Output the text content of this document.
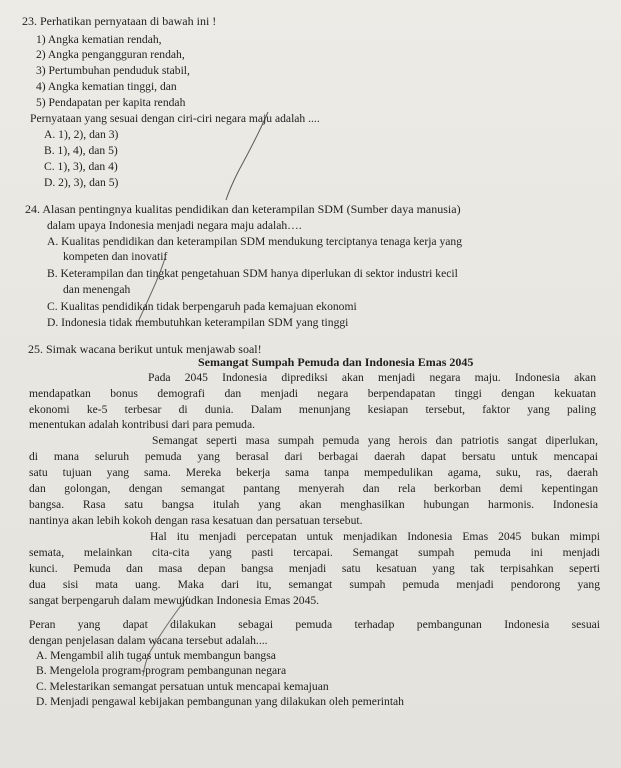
23. Perhatikan pernyataan di bawah ini !
1) Angka kematian rendah,
2) Angka pengangguran rendah,
3) Pertumbuhan penduduk stabil,
4) Angka kematian tinggi, dan
5) Pendapatan per kapita rendah
Pernyataan yang sesuai dengan ciri-ciri negara maju adalah ....
A. 1), 2), dan 3)
B. 1), 4), dan 5)
C. 1), 3), dan 4)
D. 2), 3), dan 5)
24. Alasan pentingnya kualitas pendidikan dan keterampilan SDM (Sumber daya manusia)
dalam upaya Indonesia menjadi negara maju adalah….
A. Kualitas pendidikan dan keterampilan SDM mendukung terciptanya tenaga kerja yang
kompeten dan inovatif
B. Keterampilan dan tingkat pengetahuan SDM hanya diperlukan di sektor industri kecil
dan menengah
C. Kualitas pendidikan tidak berpengaruh pada kemajuan ekonomi
D. Indonesia tidak membutuhkan keterampilan SDM yang tinggi
25. Simak wacana berikut untuk menjawab soal!
Semangat Sumpah Pemuda dan Indonesia Emas 2045
Pada 2045 Indonesia diprediksi akan menjadi negara maju. Indonesia akan
mendapatkan bonus demografi dan menjadi negara berpendapatan tinggi dengan kekuatan
ekonomi ke-5 terbesar di dunia. Dalam menunjang kesiapan tersebut, faktor yang paling
menentukan adalah kontribusi dari para pemuda.
Semangat seperti masa sumpah pemuda yang herois dan patriotis sangat diperlukan,
di mana seluruh pemuda yang berasal dari berbagai daerah dapat bersatu untuk mencapai
satu tujuan yang sama. Mereka bekerja sama tanpa mempedulikan agama, suku, ras, daerah
dan golongan, dengan semangat pantang menyerah dan rela berkorban demi kepentingan
bangsa. Rasa satu bangsa itulah yang akan menghasilkan hubungan harmonis. Indonesia
nantinya akan lebih kokoh dengan rasa kesatuan dan persatuan tersebut.
Hal itu menjadi percepatan untuk menjadikan Indonesia Emas 2045 bukan mimpi
semata, melainkan cita-cita yang pasti tercapai. Semangat sumpah pemuda ini menjadi
kunci. Pemuda dan masa depan bangsa menjadi satu kesatuan yang tak terpisahkan seperti
dua sisi mata uang. Maka dari itu, semangat sumpah pemuda menjadi pendorong yang
sangat berpengaruh dalam mewujudkan Indonesia Emas 2045.
Peran yang dapat dilakukan sebagai pemuda terhadap pembangunan Indonesia sesuai
dengan penjelasan dalam wacana tersebut adalah....
A. Mengambil alih tugas untuk membangun bangsa
B. Mengelola program-program pembangunan negara
C. Melestarikan semangat persatuan untuk mencapai kemajuan
D. Menjadi pengawal kebijakan pembangunan yang dilakukan oleh pemerintah
